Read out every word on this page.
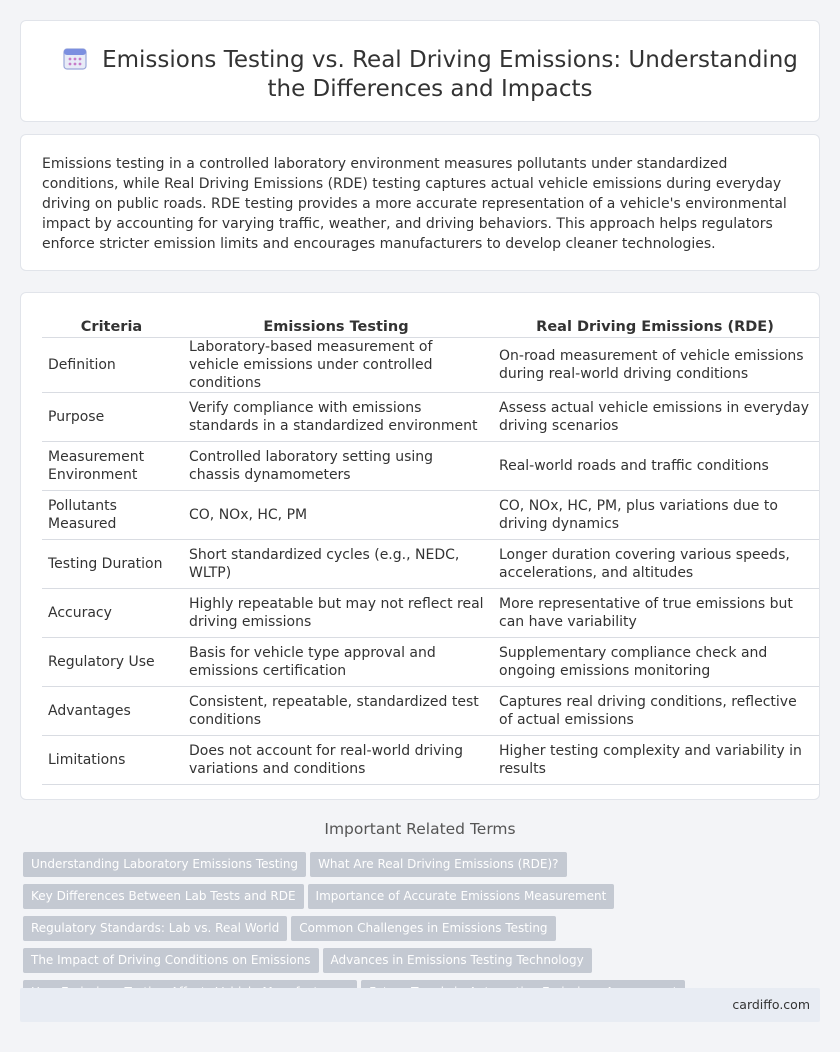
Emissions Testing vs. Real Driving Emissions: Understanding the Differences and Impacts

Emissions testing in a controlled laboratory environment measures pollutants under standardized conditions, while Real Driving Emissions (RDE) testing captures actual vehicle emissions during everyday driving on public roads. RDE testing provides a more accurate representation of a vehicle's environmental impact by accounting for varying traffic, weather, and driving behaviors. This approach helps regulators enforce stricter emission limits and encourages manufacturers to develop cleaner technologies.

Criteria	Emissions Testing	Real Driving Emissions (RDE)
Definition	Laboratory-based measurement of vehicle emissions under controlled conditions	On-road measurement of vehicle emissions during real-world driving conditions
Purpose	Verify compliance with emissions standards in a standardized environment	Assess actual vehicle emissions in everyday driving scenarios
Measurement Environment	Controlled laboratory setting using chassis dynamometers	Real-world roads and traffic conditions
Pollutants Measured	CO, NOx, HC, PM	CO, NOx, HC, PM, plus variations due to driving dynamics
Testing Duration	Short standardized cycles (e.g., NEDC, WLTP)	Longer duration covering various speeds, accelerations, and altitudes
Accuracy	Highly repeatable but may not reflect real driving emissions	More representative of true emissions but can have variability
Regulatory Use	Basis for vehicle type approval and emissions certification	Supplementary compliance check and ongoing emissions monitoring
Advantages	Consistent, repeatable, standardized test conditions	Captures real driving conditions, reflective of actual emissions
Limitations	Does not account for real-world driving variations and conditions	Higher testing complexity and variability in results
Important Related Terms
Understanding Laboratory Emissions Testing What Are Real Driving Emissions (RDE)?Key Differences Between Lab Tests and RDE Importance of Accurate Emissions MeasurementRegulatory Standards: Lab vs. Real World Common Challenges in Emissions TestingThe Impact of Driving Conditions on Emissions Advances in Emissions Testing Technology
cardiffo.com
